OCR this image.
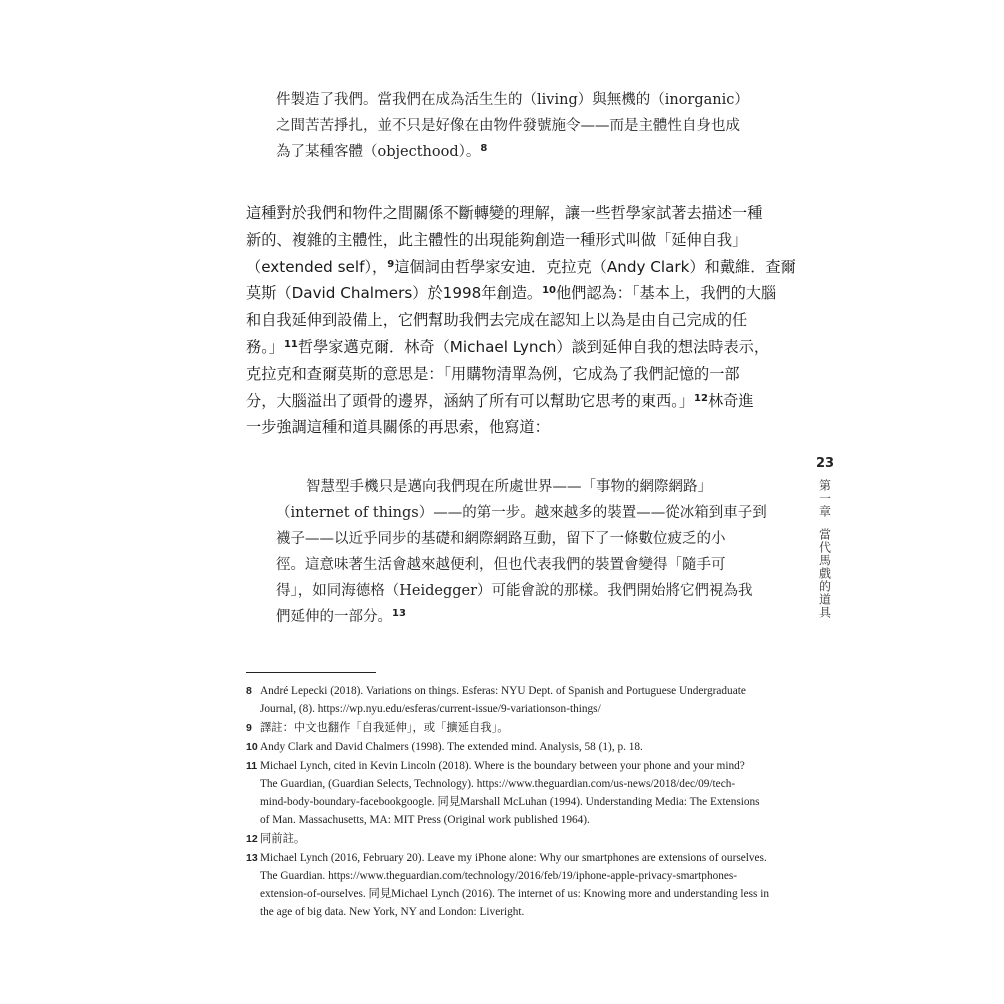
件製造了我們。當我們在成為活生生的（living）與無機的（inorganic）

之間苦苦掙扎，並不只是好像在由物件發號施令——而是主體性自身也成

為了某種客體（objecthood）。$^8$

這種對於我們和物件之間關係不斷轉變的理解，讓一些哲學家試著去描述一種

新的、複雜的主體性，此主體性的出現能夠創造一種形式叫做「延伸自我」

（extended self），$^9$這個詞由哲學家安迪．克拉克（Andy Clark）和戴維．查爾

莫斯（David Chalmers）於1998年創造。$^{10}$他們認為：「基本上，我們的大腦

和自我延伸到設備上，它們幫助我們去完成在認知上以為是由自己完成的任

務。」$^{11}$哲學家邁克爾．林奇（Michael Lynch）談到延伸自我的想法時表示，

克拉克和查爾莫斯的意思是：「用購物清單為例，它成為了我們記憶的一部

分，大腦溢出了頭骨的邊界，涵納了所有可以幫助它思考的東西。」$^{12}$林奇進

一步強調這種和道具關係的再思索，他寫道：

智慧型手機只是邁向我們現在所處世界——「事物的網際網路」

（internet of things）——的第一步。越來越多的裝置——從冰箱到車子到

襪子——以近乎同步的基礎和網際網路互動，留下了一條數位疲乏的小

徑。這意味著生活會越來越便利，但也代表我們的裝置會變得「隨手可

得」，如同海德格（Heidegger）可能會說的那樣。我們開始將它們視為我

們延伸的一部分。$^{13}$

23
第一章當代馬戲的道具
8 André Lepecki (2018). Variations on things. Esferas: NYU Dept. of Spanish and Portuguese Undergraduate
Journal, (8). https://wp.nyu.edu/esferas/current-issue/9-variationson-things/
9 譯註：中文也翻作「自我延伸」，或「擴延自我」。
10 Andy Clark and David Chalmers (1998). The extended mind. Analysis, 58 (1), p. 18.
11 Michael Lynch, cited in Kevin Lincoln (2018). Where is the boundary between your phone and your mind?
The Guardian, (Guardian Selects, Technology). https://www.theguardian.com/us-news/2018/dec/09/tech-
mind-body-boundary-facebookgoogle. 同見Marshall McLuhan (1994). Understanding Media: The Extensions
of Man. Massachusetts, MA: MIT Press (Original work published 1964).
12 同前註。
13 Michael Lynch (2016, February 20). Leave my iPhone alone: Why our smartphones are extensions of ourselves.
The Guardian. https://www.theguardian.com/technology/2016/feb/19/iphone-apple-privacy-smartphones-
extension-of-ourselves. 同見Michael Lynch (2016). The internet of us: Knowing more and understanding less in
the age of big data. New York, NY and London: Liveright.
